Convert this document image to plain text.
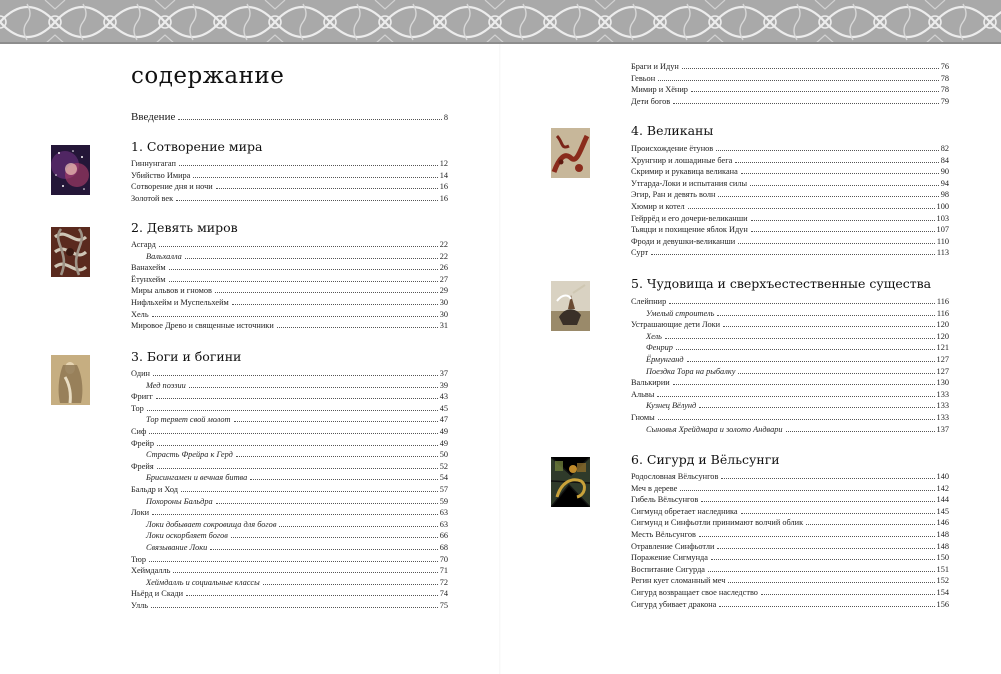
содержание
Введение	8
1. Сотворение мира
Гиннунгагап	12
Убийство Имира	14
Сотворение дня и ночи	16
Золотой век	16
2. Девять миров
Асгард	22
Вальхалла	22
Ванахейм	26
Ётунхейм	27
Миры альвов и гномов	29
Нифльхейм и Муспельхейм	30
Хель	30
Мировое Древо и священные источники	31
3. Боги и богини
Один	37
Мед поэзии	39
Фригг	43
Тор	45
Тор теряет свой молот	47
Сиф	49
Фрейр	49
Страсть Фрейра к Герд	50
Фрейя	52
Брисингамен и вечная битва	54
Бальдр и Ход	57
Похороны Бальдра	59
Локи	63
Локи добывает сокровища для богов	63
Локи оскорбляет богов	66
Связывание Локи	68
Тюр	70
Хеймдалль	71
Хеймдалль и социальные классы	72
Ньёрд и Скади	74
Улль	75
Браги и Идун	76
Гевьон	78
Мимир и Хёнир	78
Дети богов	79
4. Великаны
Происхождение ётунов	82
Хрунгнир и лошадиные бега	84
Скримир и рукавица великана	90
Утгарда-Локи и испытания силы	94
Эгир, Ран и девять волн	98
Хюмир и котел	100
Гейррёд и его дочери-великанши	103
Тьяцци и похищение яблок Идун	107
Фроди и девушки-великанши	110
Сурт	113
5. Чудовища и сверхъестественные существа
Слейпнир	116
Умелый строитель	116
Устрашающие дети Локи	120
Хель	120
Фенрир	121
Ёрмунганд	127
Поездка Тора на рыбалку	127
Валькирии	130
Альвы	133
Кузнец Вёлунд	133
Гномы	133
Сыновья Хрейдмара и золото Андвари	137
6. Сигурд и Вёльсунги
Родословная Вёльсунгов	140
Меч в дереве	142
Гибель Вёльсунгов	144
Сигмунд обретает наследника	145
Сигмунд и Синфьотли принимают волчий облик	146
Месть Вёльсунгов	148
Отравление Синфьотли	148
Поражение Сигмунда	150
Воспитание Сигурда	151
Регин кует сломанный меч	152
Сигурд возвращает свое наследство	154
Сигурд убивает дракона	156
